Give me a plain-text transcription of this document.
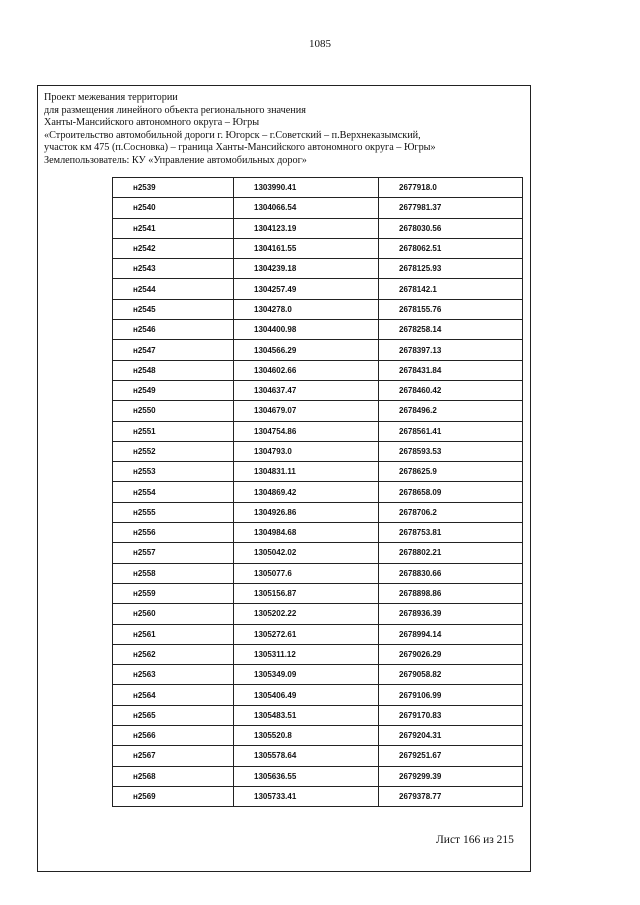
1085
Проект межевания территории
для размещения линейного объекта регионального значения
Ханты-Мансийского автономного округа – Югры
«Строительство автомобильной дороги г. Югорск – г.Советский – п.Верхнеказымский,
участок км 475 (п.Сосновка) – граница Ханты-Мансийского автономного округа – Югры»
Землепользователь: КУ «Управление автомобильных дорог»
н2539	1303990.41	2677918.0
н2540	1304066.54	2677981.37
н2541	1304123.19	2678030.56
н2542	1304161.55	2678062.51
н2543	1304239.18	2678125.93
н2544	1304257.49	2678142.1
н2545	1304278.0	2678155.76
н2546	1304400.98	2678258.14
н2547	1304566.29	2678397.13
н2548	1304602.66	2678431.84
н2549	1304637.47	2678460.42
н2550	1304679.07	2678496.2
н2551	1304754.86	2678561.41
н2552	1304793.0	2678593.53
н2553	1304831.11	2678625.9
н2554	1304869.42	2678658.09
н2555	1304926.86	2678706.2
н2556	1304984.68	2678753.81
н2557	1305042.02	2678802.21
н2558	1305077.6	2678830.66
н2559	1305156.87	2678898.86
н2560	1305202.22	2678936.39
н2561	1305272.61	2678994.14
н2562	1305311.12	2679026.29
н2563	1305349.09	2679058.82
н2564	1305406.49	2679106.99
н2565	1305483.51	2679170.83
н2566	1305520.8	2679204.31
н2567	1305578.64	2679251.67
н2568	1305636.55	2679299.39
н2569	1305733.41	2679378.77
Лист 166 из 215
